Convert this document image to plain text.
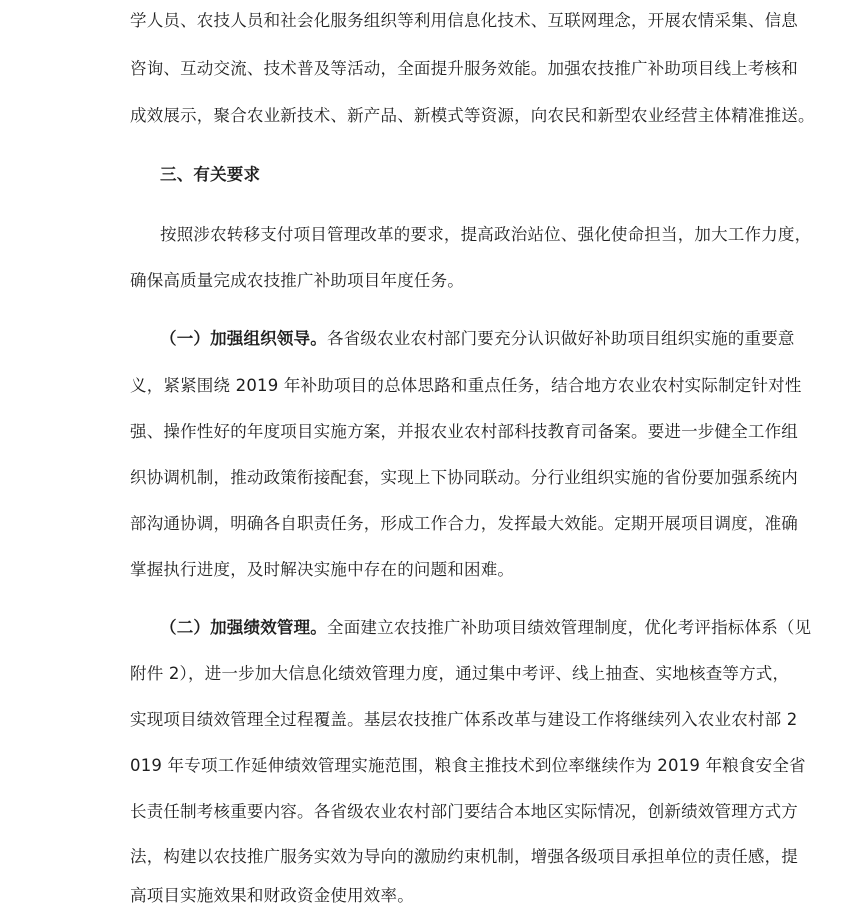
学人员、农技人员和社会化服务组织等利用信息化技术、互联网理念，开展农情采集、信息
咨询、互动交流、技术普及等活动，全面提升服务效能。加强农技推广补助项目线上考核和
成效展示，聚合农业新技术、新产品、新模式等资源，向农民和新型农业经营主体精准推送。
三、有关要求
按照涉农转移支付项目管理改革的要求，提高政治站位、强化使命担当，加大工作力度，
确保高质量完成农技推广补助项目年度任务。
（一）加强组织领导。各省级农业农村部门要充分认识做好补助项目组织实施的重要意
义，紧紧围绕 2019 年补助项目的总体思路和重点任务，结合地方农业农村实际制定针对性
强、操作性好的年度项目实施方案，并报农业农村部科技教育司备案。要进一步健全工作组
织协调机制，推动政策衔接配套，实现上下协同联动。分行业组织实施的省份要加强系统内
部沟通协调，明确各自职责任务，形成工作合力，发挥最大效能。定期开展项目调度，准确
掌握执行进度，及时解决实施中存在的问题和困难。
（二）加强绩效管理。全面建立农技推广补助项目绩效管理制度，优化考评指标体系（见
附件 2），进一步加大信息化绩效管理力度，通过集中考评、线上抽查、实地核查等方式，
实现项目绩效管理全过程覆盖。基层农技推广体系改革与建设工作将继续列入农业农村部 2
019 年专项工作延伸绩效管理实施范围，粮食主推技术到位率继续作为 2019 年粮食安全省
长责任制考核重要内容。各省级农业农村部门要结合本地区实际情况，创新绩效管理方式方
法，构建以农技推广服务实效为导向的激励约束机制，增强各级项目承担单位的责任感，提
高项目实施效果和财政资金使用效率。
